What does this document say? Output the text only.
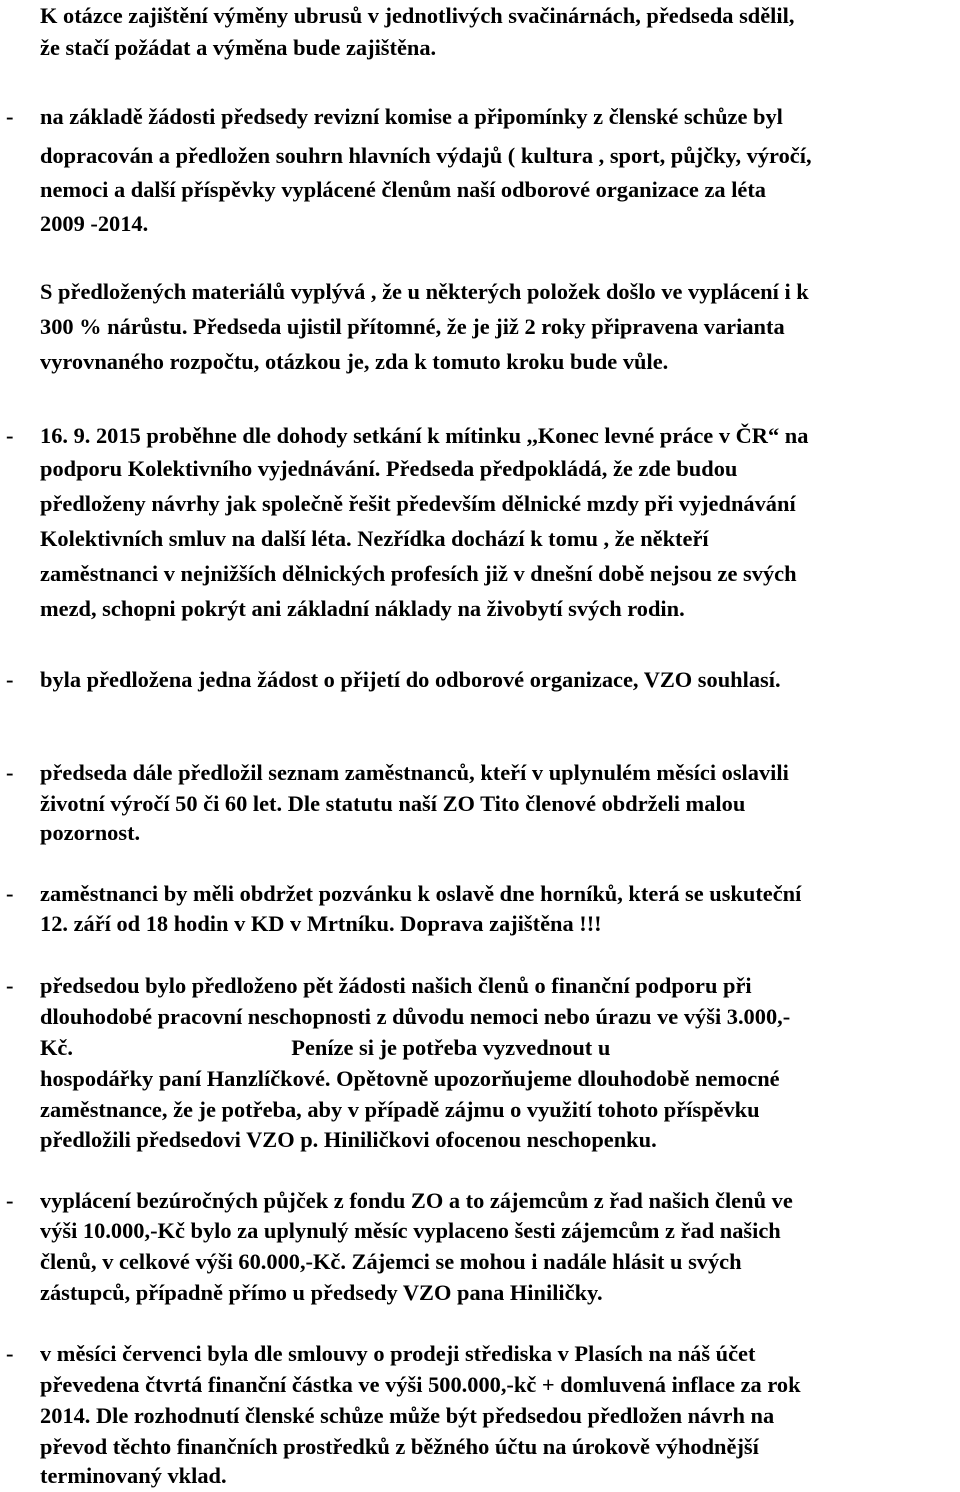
K otázce zajištění výměny ubrusů v jednotlivých svačinárnách, předseda sdělil,
že stačí požádat a výměna bude zajištěna.
- na základě žádosti předsedy revizní komise a připomínky z členské schůze byl
dopracován a předložen souhrn hlavních výdajů ( kultura , sport, půjčky, výročí,
nemoci a další příspěvky vyplácené členům naší odborové organizace za léta
2009 -2014.
S předložených materiálů vyplývá , že u některých položek došlo ve vyplácení i k
300 % nárůstu. Předseda ujistil přítomné, že je již 2 roky připravena varianta
vyrovnaného rozpočtu, otázkou je, zda k tomuto kroku bude vůle.
- 16. 9. 2015 proběhne dle dohody setkání k mítinku ,,Konec levné práce v ČR“ na
podporu Kolektivního vyjednávání. Předseda předpokládá, že zde budou
předloženy návrhy jak společně řešit především dělnické mzdy při vyjednávání
Kolektivních smluv na další léta. Nezřídka dochází k tomu , že někteří
zaměstnanci v nejnižších dělnických profesích již v dnešní době nejsou ze svých
mezd, schopni pokrýt ani základní náklady na živobytí svých rodin.
- byla předložena jedna žádost o přijetí do odborové organizace, VZO souhlasí.
- předseda dále předložil seznam zaměstnanců, kteří v uplynulém měsíci oslavili
životní výročí 50 či 60 let. Dle statutu naší ZO Tito členové obdrželi malou
pozornost.
- zaměstnanci by měli obdržet pozvánku k oslavě dne horníků, která se uskuteční
12. září od 18 hodin v KD v Mrtníku. Doprava zajištěna !!!
- předsedou bylo předloženo pět žádosti našich členů o finanční podporu při
dlouhodobé pracovní neschopnosti z důvodu nemoci nebo úrazu ve výši 3.000,-
Kč.                                       Peníze si je potřeba vyzvednout u
hospodářky paní Hanzlíčkové. Opětovně upozorňujeme dlouhodobě nemocné
zaměstnance, že je potřeba, aby v případě zájmu o využití tohoto příspěvku
předložili předsedovi VZO p. Hiniličkovi ofocenou neschopenku.
- vyplácení bezúročných půjček z fondu ZO a to zájemcům z řad našich členů ve
výši 10.000,-Kč bylo za uplynulý měsíc vyplaceno šesti zájemcům z řad našich
členů, v celkové výši 60.000,-Kč. Zájemci se mohou i nadále hlásit u svých
zástupců, případně přímo u předsedy VZO pana Hiniličky.
- v měsíci červenci byla dle smlouvy o prodeji střediska v Plasích na náš účet
převedena čtvrtá finanční částka ve výši 500.000,-kč + domluvená inflace za rok
2014. Dle rozhodnutí členské schůze může být předsedou předložen návrh na
převod těchto finančních prostředků z běžného účtu na úrokově výhodnější
terminovaný vklad.
